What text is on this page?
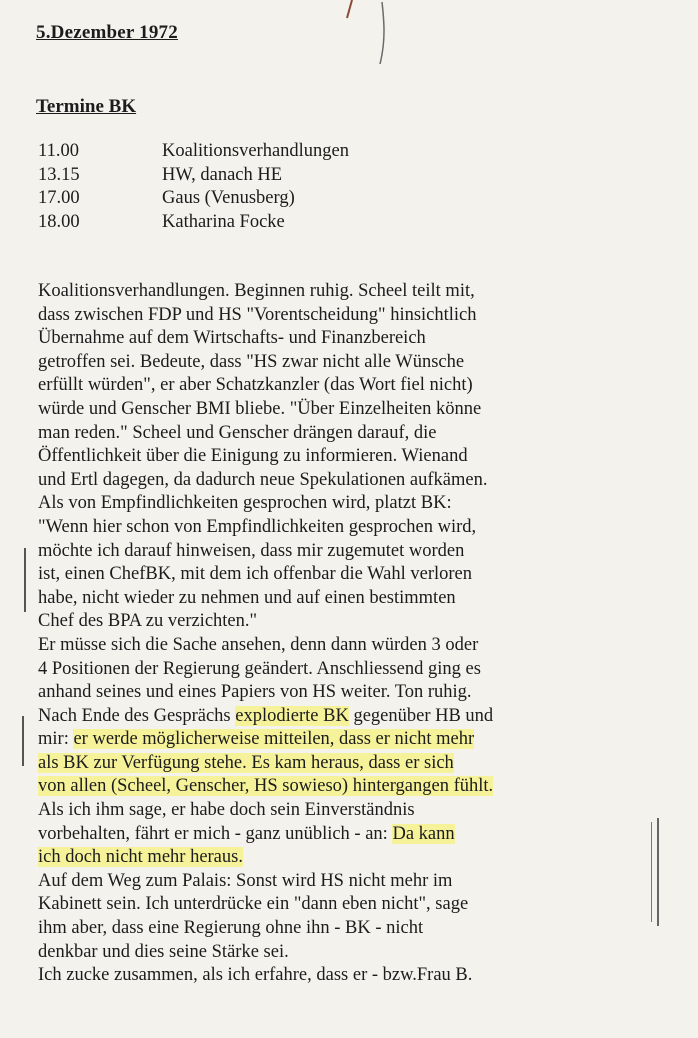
5.Dezember 1972
Termine BK
11.00	Koalitionsverhandlungen
13.15	HW, danach HE
17.00	Gaus (Venusberg)
18.00	Katharina Focke
Koalitionsverhandlungen. Beginnen ruhig. Scheel teilt mit,
dass zwischen FDP und HS "Vorentscheidung" hinsichtlich
Übernahme auf dem Wirtschafts- und Finanzbereich
getroffen sei. Bedeute, dass "HS zwar nicht alle Wünsche
erfüllt würden", er aber Schatzkanzler (das Wort fiel nicht)
würde und Genscher BMI bliebe. "Über Einzelheiten könne
man reden." Scheel und Genscher drängen darauf, die
Öffentlichkeit über die Einigung zu informieren. Wienand
und Ertl dagegen, da dadurch neue Spekulationen aufkämen.
Als von Empfindlichkeiten gesprochen wird, platzt BK:
"Wenn hier schon von Empfindlichkeiten gesprochen wird,
möchte ich darauf hinweisen, dass mir zugemutet worden
ist, einen ChefBK, mit dem ich offenbar die Wahl verloren
habe, nicht wieder zu nehmen und auf einen bestimmten
Chef des BPA zu verzichten."
Er müsse sich die Sache ansehen, denn dann würden 3 oder
4 Positionen der Regierung geändert. Anschliessend ging es
anhand seines und eines Papiers von HS weiter. Ton ruhig.
Nach Ende des Gesprächs explodierte BK gegenüber HB und
mir: er werde möglicherweise mitteilen, dass er nicht mehr
als BK zur Verfügung stehe. Es kam heraus, dass er sich
von allen (Scheel, Genscher, HS sowieso) hintergangen fühlt.
Als ich ihm sage, er habe doch sein Einverständnis
vorbehalten, fährt er mich - ganz unüblich - an: Da kann
ich doch nicht mehr heraus.
Auf dem Weg zum Palais: Sonst wird HS nicht mehr im
Kabinett sein. Ich unterdrücke ein "dann eben nicht", sage
ihm aber, dass eine Regierung ohne ihn - BK - nicht
denkbar und dies seine Stärke sei.
Ich zucke zusammen, als ich erfahre, dass er - bzw.Frau B.
